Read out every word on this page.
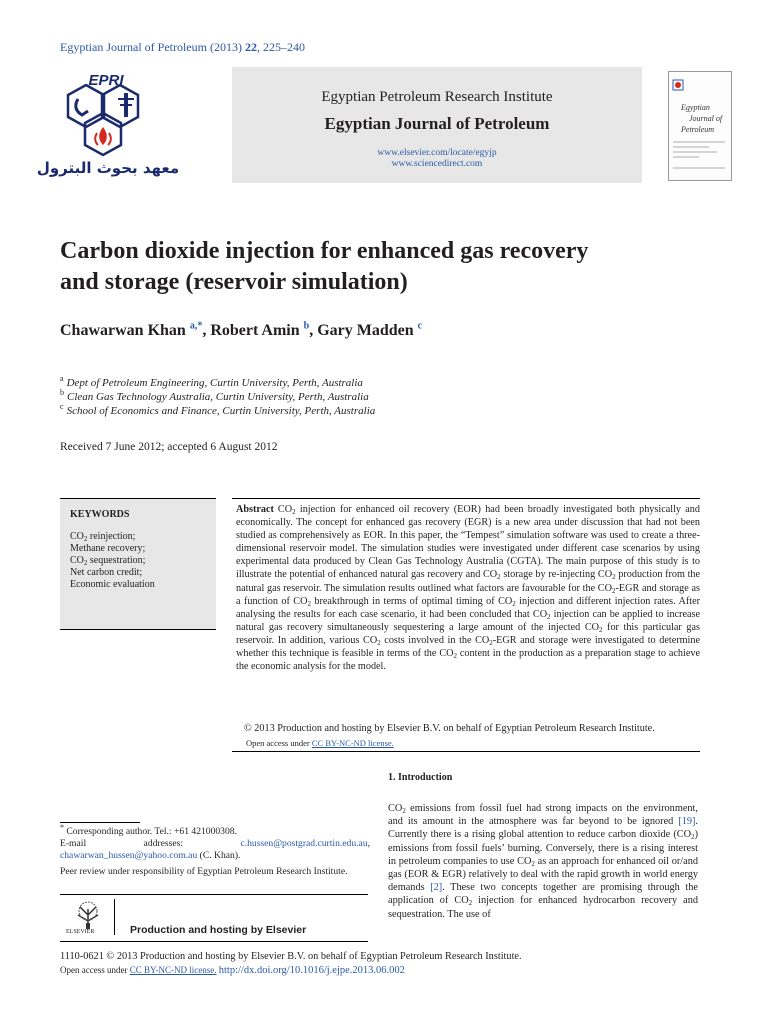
Egyptian Journal of Petroleum (2013) 22, 225–240
EPRI
معهد بحوث البترول
Egyptian Petroleum Research Institute
Egyptian Journal of Petroleum
www.elsevier.com/locate/egyjp
www.sciencedirect.com
Egyptian
Journal of
Petroleum
Carbon dioxide injection for enhanced gas recovery
and storage (reservoir simulation)
Chawarwan Khan $^{a,*}$, Robert Amin $^b$, Gary Madden $^c$
$^a$ Dept of Petroleum Engineering, Curtin University, Perth, Australia
$^b$ Clean Gas Technology Australia, Curtin University, Perth, Australia
$^c$ School of Economics and Finance, Curtin University, Perth, Australia
Received 7 June 2012; accepted 6 August 2012
KEYWORDS
$CO_2$ reinjection;
Methane recovery;
$CO_2$ sequestration;
Net carbon credit;
Economic evaluation
Abstract $CO_2$ injection for enhanced oil recovery (EOR) had been broadly investigated both physically and economically. The concept for enhanced gas recovery (EGR) is a new area under discussion that had not been studied as comprehensively as EOR. In this paper, the “Tempest” simulation software was used to create a three-dimensional reservoir model. The simulation studies were investigated under different case scenarios by using experimental data produced by Clean Gas Technology Australia (CGTA). The main purpose of this study is to illustrate the potential of enhanced natural gas recovery and $CO_2$ storage by re-injecting $CO_2$ production from the natural gas reservoir. The simulation results outlined what factors are favourable for the $CO_2$-EGR and storage as a function of $CO_2$ breakthrough in terms of optimal timing of $CO_2$ injection and different injection rates. After analysing the results for each case scenario, it had been concluded that $CO_2$ injection can be applied to increase natural gas recovery simultaneously sequestering a large amount of the injected $CO_2$ for this particular gas reservoir. In addition, various $CO_2$ costs involved in the $CO_2$-EGR and storage were investigated to determine whether this technique is feasible in terms of the $CO_2$ content in the production as a preparation stage to achieve the economic analysis for the model.
© 2013 Production and hosting by Elsevier B.V. on behalf of Egyptian Petroleum Research Institute.
Open access under CC BY-NC-ND license.
1. Introduction
$CO_2$ emissions from fossil fuel had strong impacts on the environment, and its amount in the atmosphere was far beyond to be ignored [19]. Currently there is a rising global attention to reduce carbon dioxide $(CO_2)$ emissions from fossil fuels’ burning. Conversely, there is a rising interest in petroleum companies to use $CO_2$ as an approach for enhanced oil or/and gas (EOR & EGR) relatively to deal with the rapid growth in world energy demands [2]. These two concepts together are promising through the application of $CO_2$ injection for enhanced hydrocarbon recovery and sequestration. The use of

* Corresponding author. Tel.: +61 421000308.

E-mail addresses: c.hussen@postgrad.curtin.edu.au, chawarwan_hussen@yahoo.com.au (C. Khan).

Peer review under responsibility of Egyptian Petroleum Research Institute.

ELSEVIER	Production and hosting by Elsevier
1110-0621 © 2013 Production and hosting by Elsevier B.V. on behalf of Egyptian Petroleum Research Institute.
Open access under CC BY-NC-ND license. http://dx.doi.org/10.1016/j.ejpe.2013.06.002
